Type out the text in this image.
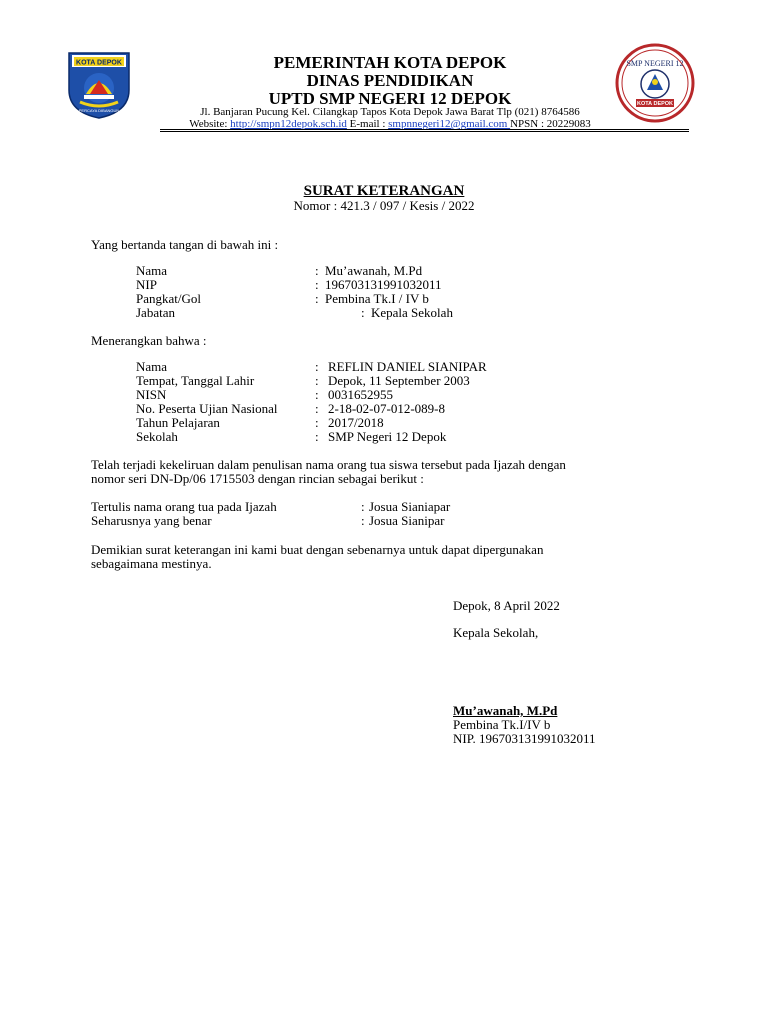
KOTA DEPOK
PERCAYA DIBANGUN
SMP NEGERI 12
KOTA DEPOK
PEMERINTAH KOTA DEPOK
DINAS PENDIDIKAN
UPTD SMP NEGERI 12 DEPOK
Jl. Banjaran Pucung Kel. Cilangkap Tapos Kota Depok Jawa Barat Tlp (021) 8764586
Website: http://smpn12depok.sch.id E-mail : smpnnegeri12@gmail.com NPSN : 20229083
SURAT KETERANGAN
Nomor : 421.3 / 097 / Kesis / 2022
Yang bertanda tangan di bawah ini :
Nama	: Mu’awanah, M.Pd
NIP	: 196703131991032011
Pangkat/Gol	: Pembina Tk.I / IV b
Jabatan	: Kepala Sekolah
Menerangkan bahwa :
Nama	: REFLIN DANIEL SIANIPAR
Tempat, Tanggal Lahir	: Depok, 11 September 2003
NISN	: 0031652955
No. Peserta Ujian Nasional	: 2-18-02-07-012-089-8
Tahun Pelajaran	: 2017/2018
Sekolah	: SMP Negeri 12 Depok
Telah terjadi kekeliruan dalam penulisan nama orang tua siswa tersebut pada Ijazah dengan
nomor seri DN-Dp/06 1715503 dengan rincian sebagai berikut :
Tertulis nama orang tua pada Ijazah	: Josua Sianiapar
Seharusnya yang benar	: Josua Sianipar
Demikian surat keterangan ini kami buat dengan sebenarnya untuk dapat dipergunakan
sebagaimana mestinya.
Depok, 8 April 2022
Kepala Sekolah,
Mu’awanah, M.Pd
Pembina Tk.I/IV b
NIP. 196703131991032011
